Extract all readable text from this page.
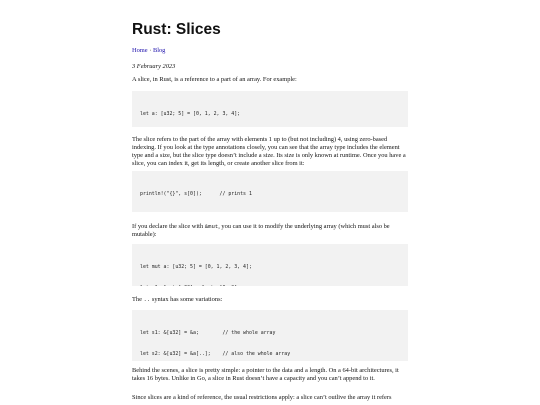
Rust: Slices
Home · Blog
3 February 2023

A slice, in Rust, is a reference to a part of an array. For example:

let a: [u32; 5] = [0, 1, 2, 3, 4];

The slice refers to the part of the array with elements 1 up to (but not including) 4, using zero-based indexing. If you look at the type annotations closely, you can see that the array type includes the element type and a size, but the slice type doesn’t include a size. Its size is only known at runtime. Once you have a slice, you can index it, get its length, or create another slice from it:

println!("{}", s[0]);      // prints 1

If you declare the slice with &mut, you can use it to modify the underlying array (which must also be mutable):

let mut a: [u32; 5] = [0, 1, 2, 3, 4];

The .. syntax has some variations:

let s1: &[u32] = &a;        // the whole array

let s2: &[u32] = &a[..];    // also the whole array

Behind the scenes, a slice is pretty simple: a pointer to the data and a length. On a 64-bit architectures, it takes 16 bytes. Unlike in Go, a slice in Rust doesn’t have a capacity and you can’t append to it.

Since slices are a kind of reference, the usual restrictions apply: a slice can’t outlive the array it refers
